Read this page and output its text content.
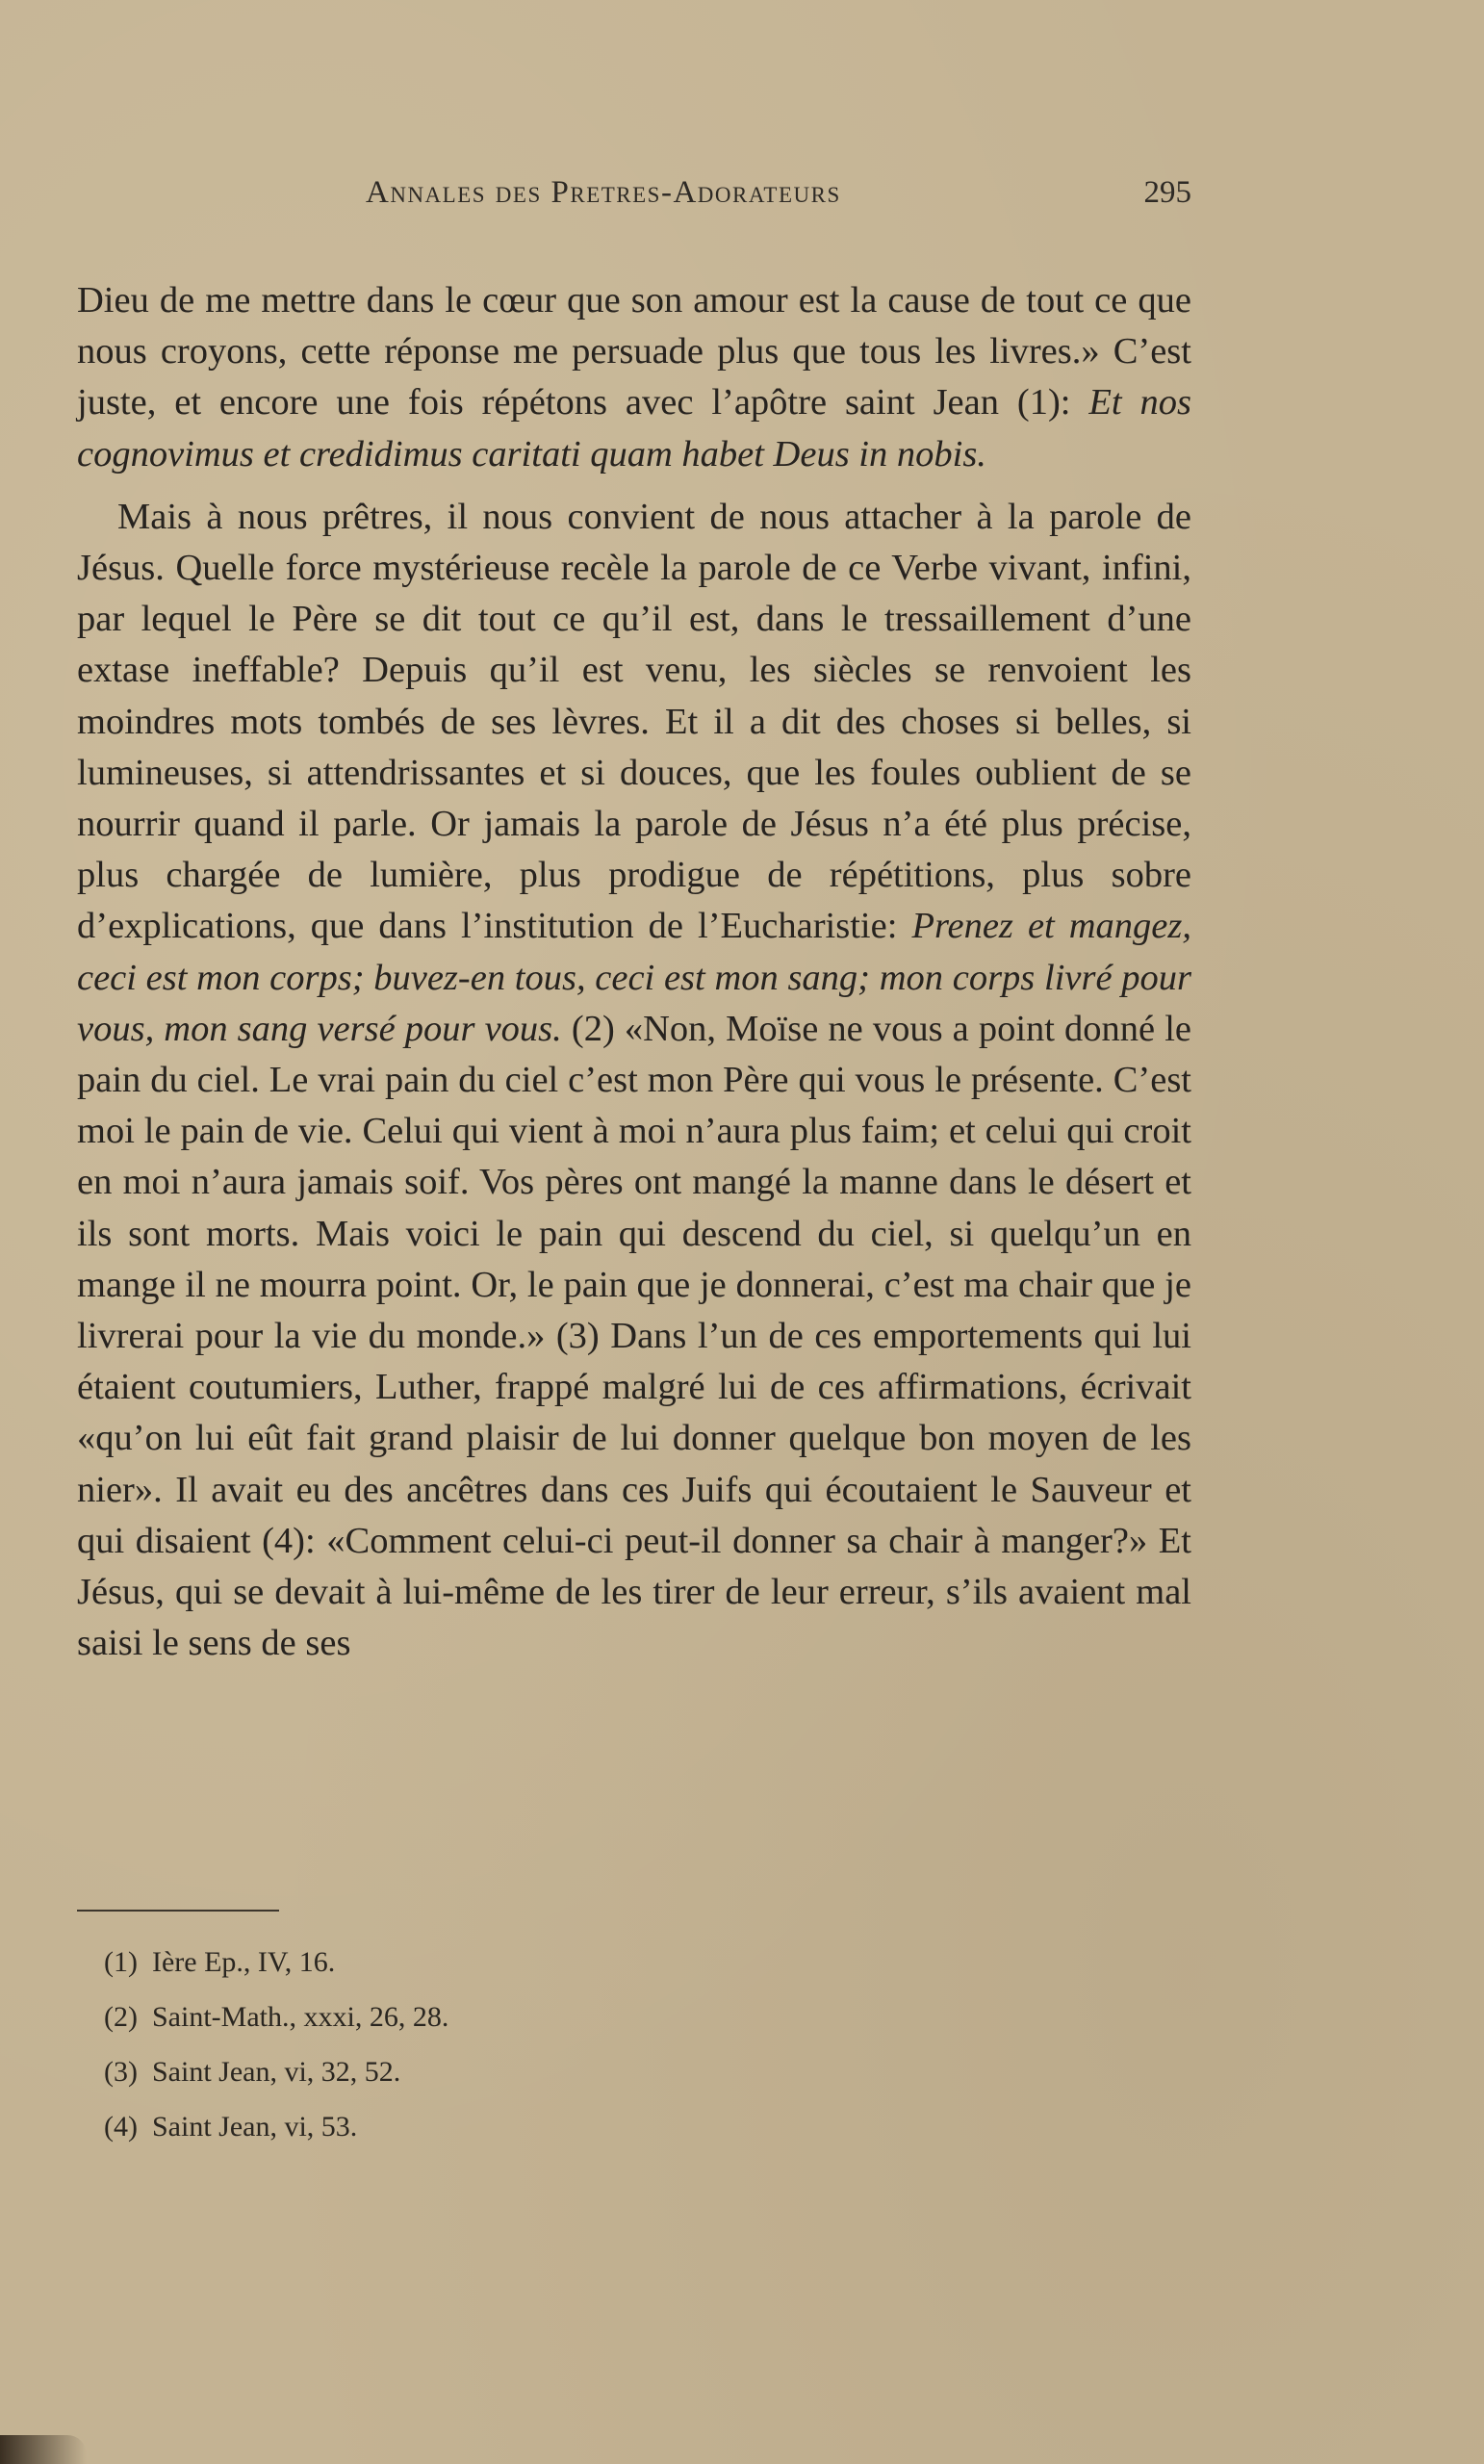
Annales des Pretres-Adorateurs	295

Dieu de me mettre dans le cœur que son amour est la cause de tout ce que nous croyons, cette réponse me persuade plus que tous les livres.» C’est juste, et encore une fois répétons avec l’apôtre saint Jean (1): Et nos cognovimus et credidimus caritati quam habet Deus in nobis.

Mais à nous prêtres, il nous convient de nous attacher à la parole de Jésus. Quelle force mystérieuse recèle la parole de ce Verbe vivant, infini, par lequel le Père se dit tout ce qu’il est, dans le tressaillement d’une extase ineffable? Depuis qu’il est venu, les siècles se renvoient les moindres mots tombés de ses lèvres. Et il a dit des choses si belles, si lumineuses, si attendrissantes et si douces, que les foules oublient de se nourrir quand il parle. Or jamais la parole de Jésus n’a été plus précise, plus chargée de lumière, plus prodigue de répétitions, plus sobre d’explications, que dans l’institution de l’Eucharistie: Prenez et mangez, ceci est mon corps; buvez-en tous, ceci est mon sang; mon corps livré pour vous, mon sang versé pour vous. (2) «Non, Moïse ne vous a point donné le pain du ciel. Le vrai pain du ciel c’est mon Père qui vous le présente. C’est moi le pain de vie. Celui qui vient à moi n’aura plus faim; et celui qui croit en moi n’aura jamais soif. Vos pères ont mangé la manne dans le désert et ils sont morts. Mais voici le pain qui descend du ciel, si quelqu’un en mange il ne mourra point. Or, le pain que je donnerai, c’est ma chair que je livrerai pour la vie du monde.» (3) Dans l’un de ces emportements qui lui étaient coutumiers, Luther, frappé malgré lui de ces affirmations, écrivait «qu’on lui eût fait grand plaisir de lui donner quelque bon moyen de les nier». Il avait eu des ancêtres dans ces Juifs qui écoutaient le Sauveur et qui disaient (4): «Comment celui-ci peut-il donner sa chair à manger?» Et Jésus, qui se devait à lui-même de les tirer de leur erreur, s’ils avaient mal saisi le sens de ses

(1) Ière Ep., IV, 16.
(2) Saint-Math., xxxi, 26, 28.
(3) Saint Jean, vi, 32, 52.
(4) Saint Jean, vi, 53.
